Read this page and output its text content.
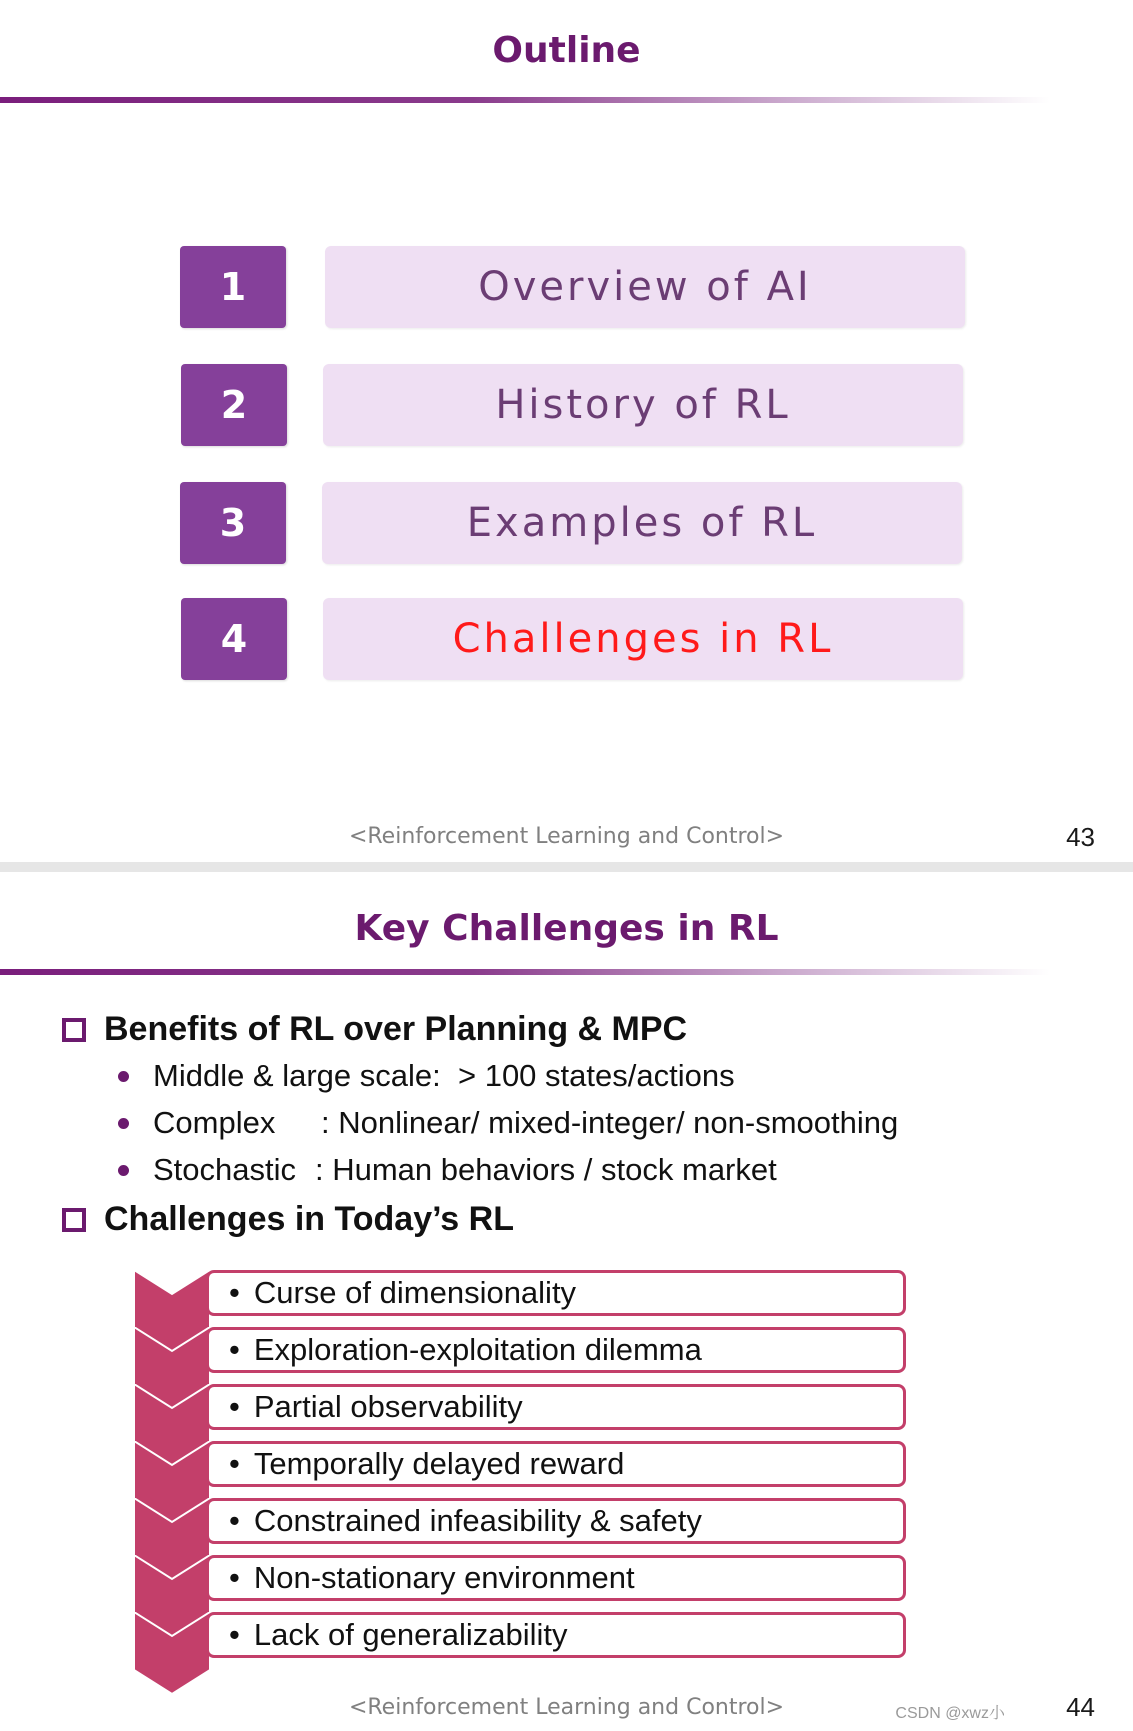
Outline
1	Overview of AI
2	History of RL
3	Examples of RL
4	Challenges in RL
<Reinforcement Learning and Control>	43
Key Challenges in RL
Benefits of RL over Planning & MPC
Middle & large scale:
> 100 states/actions
Complex	: Nonlinear/ mixed-integer/ non-smoothing
Stochastic : Human behaviors / stock market
Challenges in Today’s RL
• Curse of dimensionality
• Exploration-exploitation dilemma
• Partial observability
• Temporally delayed reward
• Constrained infeasibility & safety
• Non-stationary environment
• Lack of generalizability
<Reinforcement Learning and Control>	44
CSDN @xwz小
